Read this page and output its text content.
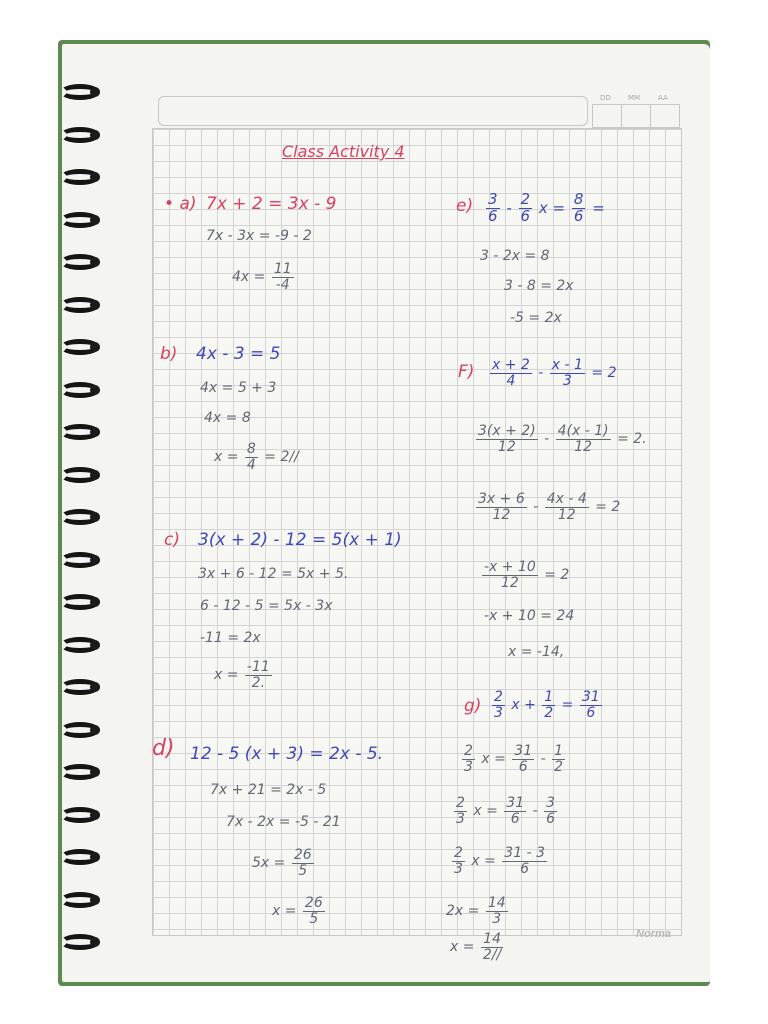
DD MM	AA
Class Activity 4
• a) 7x + 2 = 3x - 9
7x - 3x = -9 - 2
$4x = \frac{11}{-4}$
b) 4x - 3 = 5
4x = 5 + 3
4x = 8
$x = \frac{8}{4} = 2//$
c) 3(x + 2) - 12 = 5(x + 1)
3x + 6 - 12 = 5x + 5.
6 - 12 - 5 = 5x - 3x
-11 = 2x
$x = \frac{-11}{2.}$
d) 12 - 5 (x + 3) = 2x - 5.
7x + 21 = 2x - 5
7x - 2x = -5 - 21
$5x = \frac{26}{5}$
$x = \frac{26}{5}$
$e) \frac{3}{6} - \frac{2}{6}$ $x = \frac{8}{6}$ =
3 - 2x = 8
3 - 8 = 2x
-5 = 2x
$F) \frac{x + 2}{4} - \frac{x - 1}{3} = 2$
$\frac{3(x + 2)}{12} - \frac{4(x - 1)}{12} = 2$.
$\frac{3x + 6}{12} - \frac{4x - 4}{12} = 2$
$\frac{-x + 10}{12} = 2$
-x + 10 = 24
x = -14,
$g) \frac{2}{3}$ $x + \frac{1}{2} = \frac{31}{6}$
$\frac{2}{3}$ $x = \frac{31}{6} - \frac{1}{2}$
$\frac{2}{3}$ $x = \frac{31}{6} - \frac{3}{6}$
$\frac{2}{3}$ $x = \frac{31 - 3}{6}$
$2x = \frac{14}{3}$
$x = \frac{14}{2//}$	Norma
